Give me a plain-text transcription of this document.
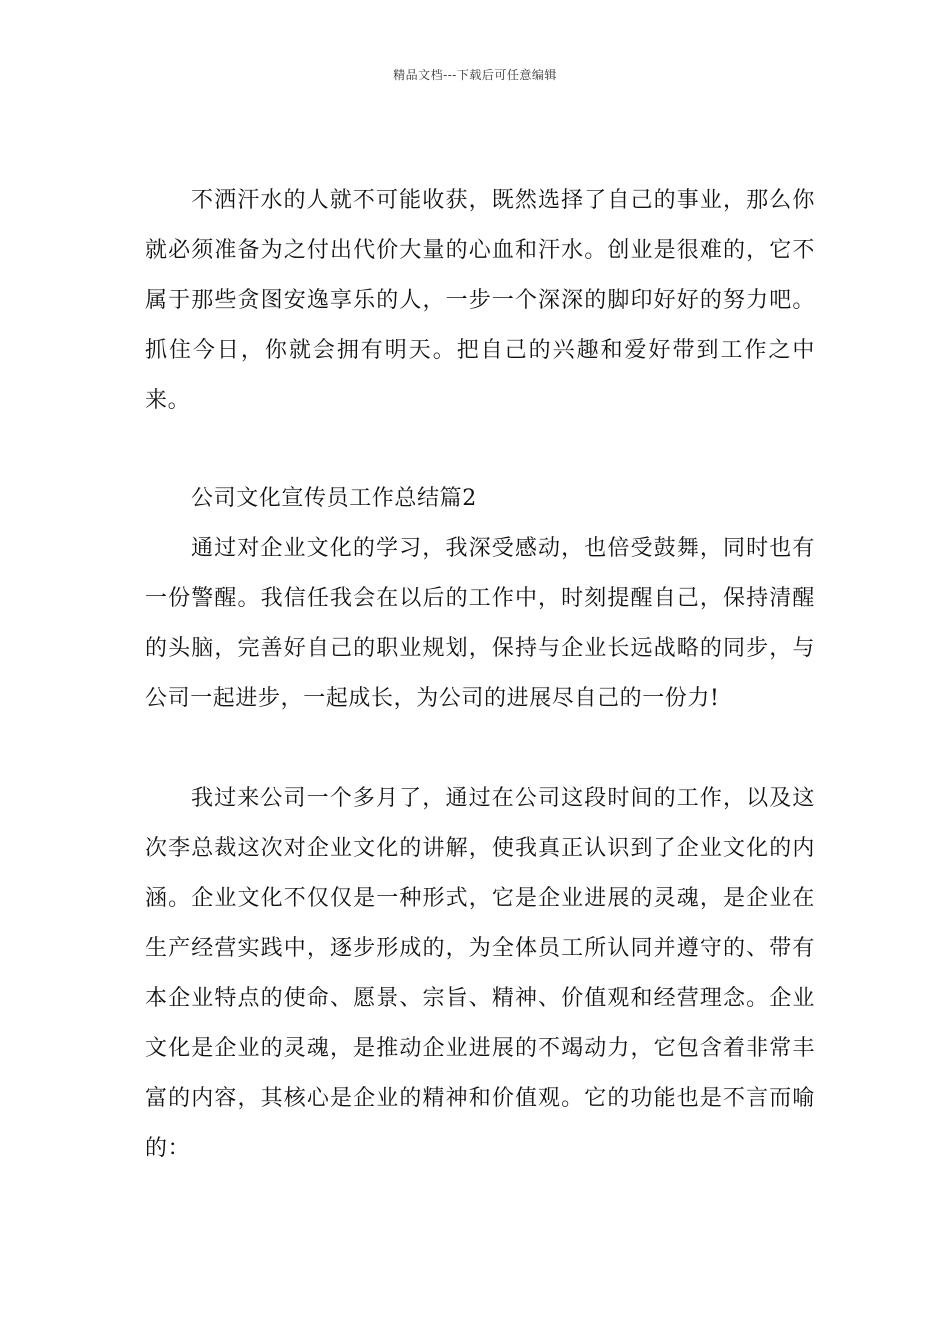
精品文档---下载后可任意编辑

不洒汗水的人就不可能收获，既然选择了自己的事业，那么你就必须准备为之付出代价大量的心血和汗水。创业是很难的，它不属于那些贪图安逸享乐的人，一步一个深深的脚印好好的努力吧。抓住今日，你就会拥有明天。把自己的兴趣和爱好带到工作之中来。

公司文化宣传员工作总结篇2

通过对企业文化的学习，我深受感动，也倍受鼓舞，同时也有一份警醒。我信任我会在以后的工作中，时刻提醒自己，保持清醒的头脑，完善好自己的职业规划，保持与企业长远战略的同步，与公司一起进步，一起成长，为公司的进展尽自己的一份力!

我过来公司一个多月了，通过在公司这段时间的工作，以及这次李总裁这次对企业文化的讲解，使我真正认识到了企业文化的内涵。企业文化不仅仅是一种形式，它是企业进展的灵魂，是企业在生产经营实践中，逐步形成的，为全体员工所认同并遵守的、带有本企业特点的使命、愿景、宗旨、精神、价值观和经营理念。企业文化是企业的灵魂，是推动企业进展的不竭动力，它包含着非常丰富的内容，其核心是企业的精神和价值观。它的功能也是不言而喻的：
